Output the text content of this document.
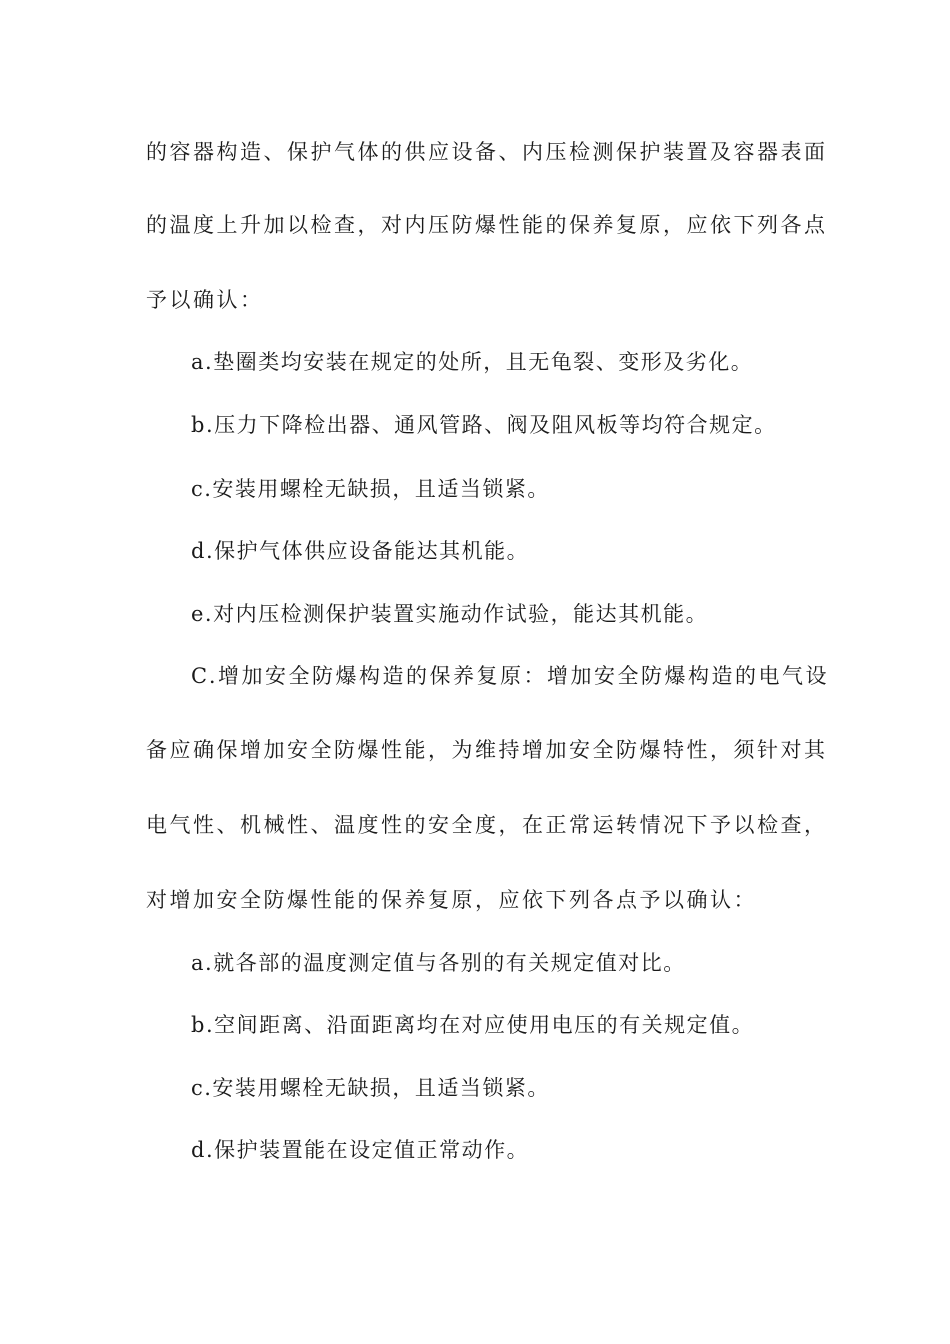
的容器构造、保护气体的供应设备、内压检测保护装置及容器表面
的温度上升加以检查，对内压防爆性能的保养复原，应依下列各点
予以确认：
a.垫圈类均安装在规定的处所，且无龟裂、变形及劣化。
b.压力下降检出器、通风管路、阀及阻风板等均符合规定。
c.安装用螺栓无缺损，且适当锁紧。
d.保护气体供应设备能达其机能。
e.对内压检测保护装置实施动作试验，能达其机能。
C.增加安全防爆构造的保养复原：增加安全防爆构造的电气设
备应确保增加安全防爆性能，为维持增加安全防爆特性，须针对其
电气性、机械性、温度性的安全度，在正常运转情况下予以检查，
对增加安全防爆性能的保养复原，应依下列各点予以确认：
a.就各部的温度测定值与各别的有关规定值对比。
b.空间距离、沿面距离均在对应使用电压的有关规定值。
c.安装用螺栓无缺损，且适当锁紧。
d.保护装置能在设定值正常动作。
